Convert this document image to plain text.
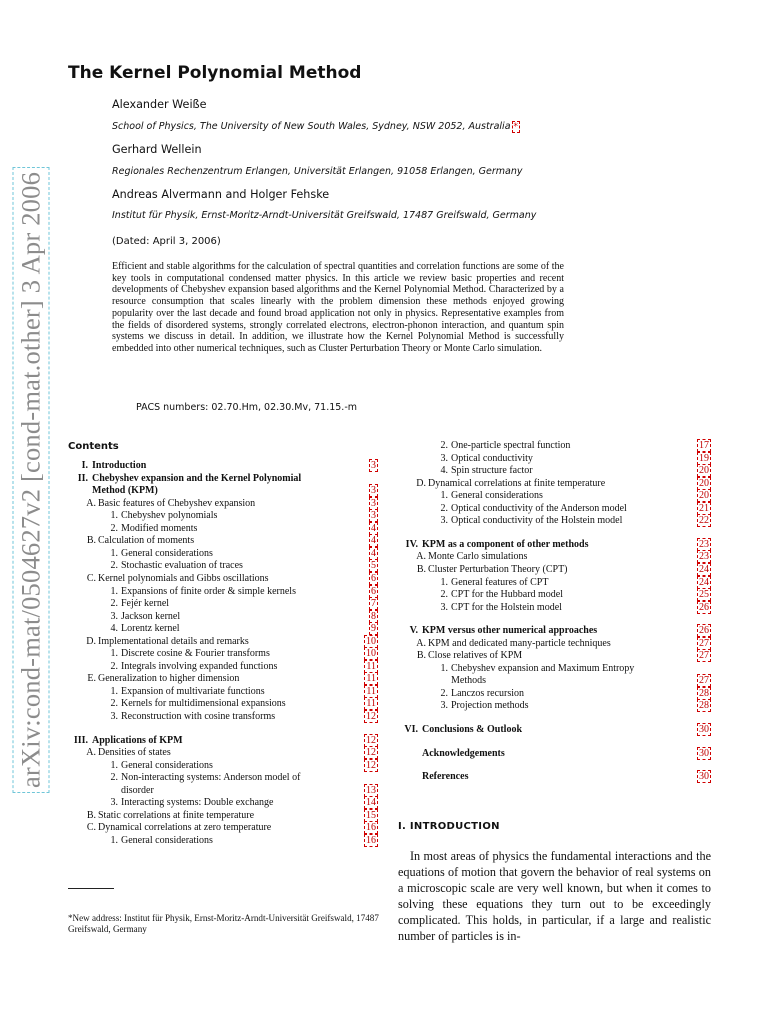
arXiv:cond-mat/0504627v2 [cond-mat.other] 3 Apr 2006
The Kernel Polynomial Method
Alexander Weiße
School of Physics, The University of New South Wales, Sydney, NSW 2052, Australia *
Gerhard Wellein
Regionales Rechenzentrum Erlangen, Universität Erlangen, 91058 Erlangen, Germany
Andreas Alvermann and Holger Fehske
Institut für Physik, Ernst-Moritz-Arndt-Universität Greifswald, 17487 Greifswald, Germany
(Dated: April 3, 2006)
Efficient and stable algorithms for the calculation of spectral quantities and correlation functions are some of the key tools in computational condensed matter physics. In this article we review basic properties and recent developments of Chebyshev expansion based algorithms and the Kernel Polynomial Method. Characterized by a resource consumption that scales linearly with the problem dimension these methods enjoyed growing popularity over the last decade and found broad application not only in physics. Representative examples from the fields of disordered systems, strongly correlated electrons, electron-phonon interaction, and quantum spin systems we discuss in detail. In addition, we illustrate how the Kernel Polynomial Method is successfully embedded into other numerical techniques, such as Cluster Perturbation Theory or Monte Carlo simulation.
PACS numbers: 02.70.Hm, 02.30.Mv, 71.15.-m
Contents
I. Introduction	3
II. Chebyshev expansion and the Kernel Polynomial
Method (KPM)	3
A. Basic features of Chebyshev expansion	3
1. Chebyshev polynomials	3
2. Modified moments	4
B. Calculation of moments	4
1. General considerations	4
2. Stochastic evaluation of traces	5
C. Kernel polynomials and Gibbs oscillations	6
1. Expansions of finite order & simple kernels	6
2. Fejér kernel	7
3. Jackson kernel	8
4. Lorentz kernel	9
D. Implementational details and remarks	10
1. Discrete cosine & Fourier transforms	10
2. Integrals involving expanded functions	11
E. Generalization to higher dimension	11
1. Expansion of multivariate functions	11
2. Kernels for multidimensional expansions	11
3. Reconstruction with cosine transforms	12
III. Applications of KPM	12
A. Densities of states	12
1. General considerations	12
2. Non-interacting systems: Anderson model of
disorder	13
3. Interacting systems: Double exchange	14
B. Static correlations at finite temperature	15
C. Dynamical correlations at zero temperature	16
1. General considerations	16
2. One-particle spectral function	17
3. Optical conductivity	19
4. Spin structure factor	20
D. Dynamical correlations at finite temperature	20
1. General considerations	20
2. Optical conductivity of the Anderson model	21
3. Optical conductivity of the Holstein model	22
IV. KPM as a component of other methods	23
A. Monte Carlo simulations	23
B. Cluster Perturbation Theory (CPT)	24
1. General features of CPT	24
2. CPT for the Hubbard model	25
3. CPT for the Holstein model	26
V. KPM versus other numerical approaches	26
A. KPM and dedicated many-particle techniques	27
B. Close relatives of KPM	27
1. Chebyshev expansion and Maximum Entropy
Methods	27
2. Lanczos recursion	28
3. Projection methods	28
VI. Conclusions & Outlook	30
Acknowledgements	30
References	30
*New address: Institut für Physik, Ernst-Moritz-Arndt-Universität Greifswald, 17487 Greifswald, Germany
I. INTRODUCTION
In most areas of physics the fundamental interactions and the equations of motion that govern the behavior of real systems on a microscopic scale are very well known, but when it comes to solving these equations they turn out to be exceedingly complicated. This holds, in particular, if a large and realistic number of particles is in-
